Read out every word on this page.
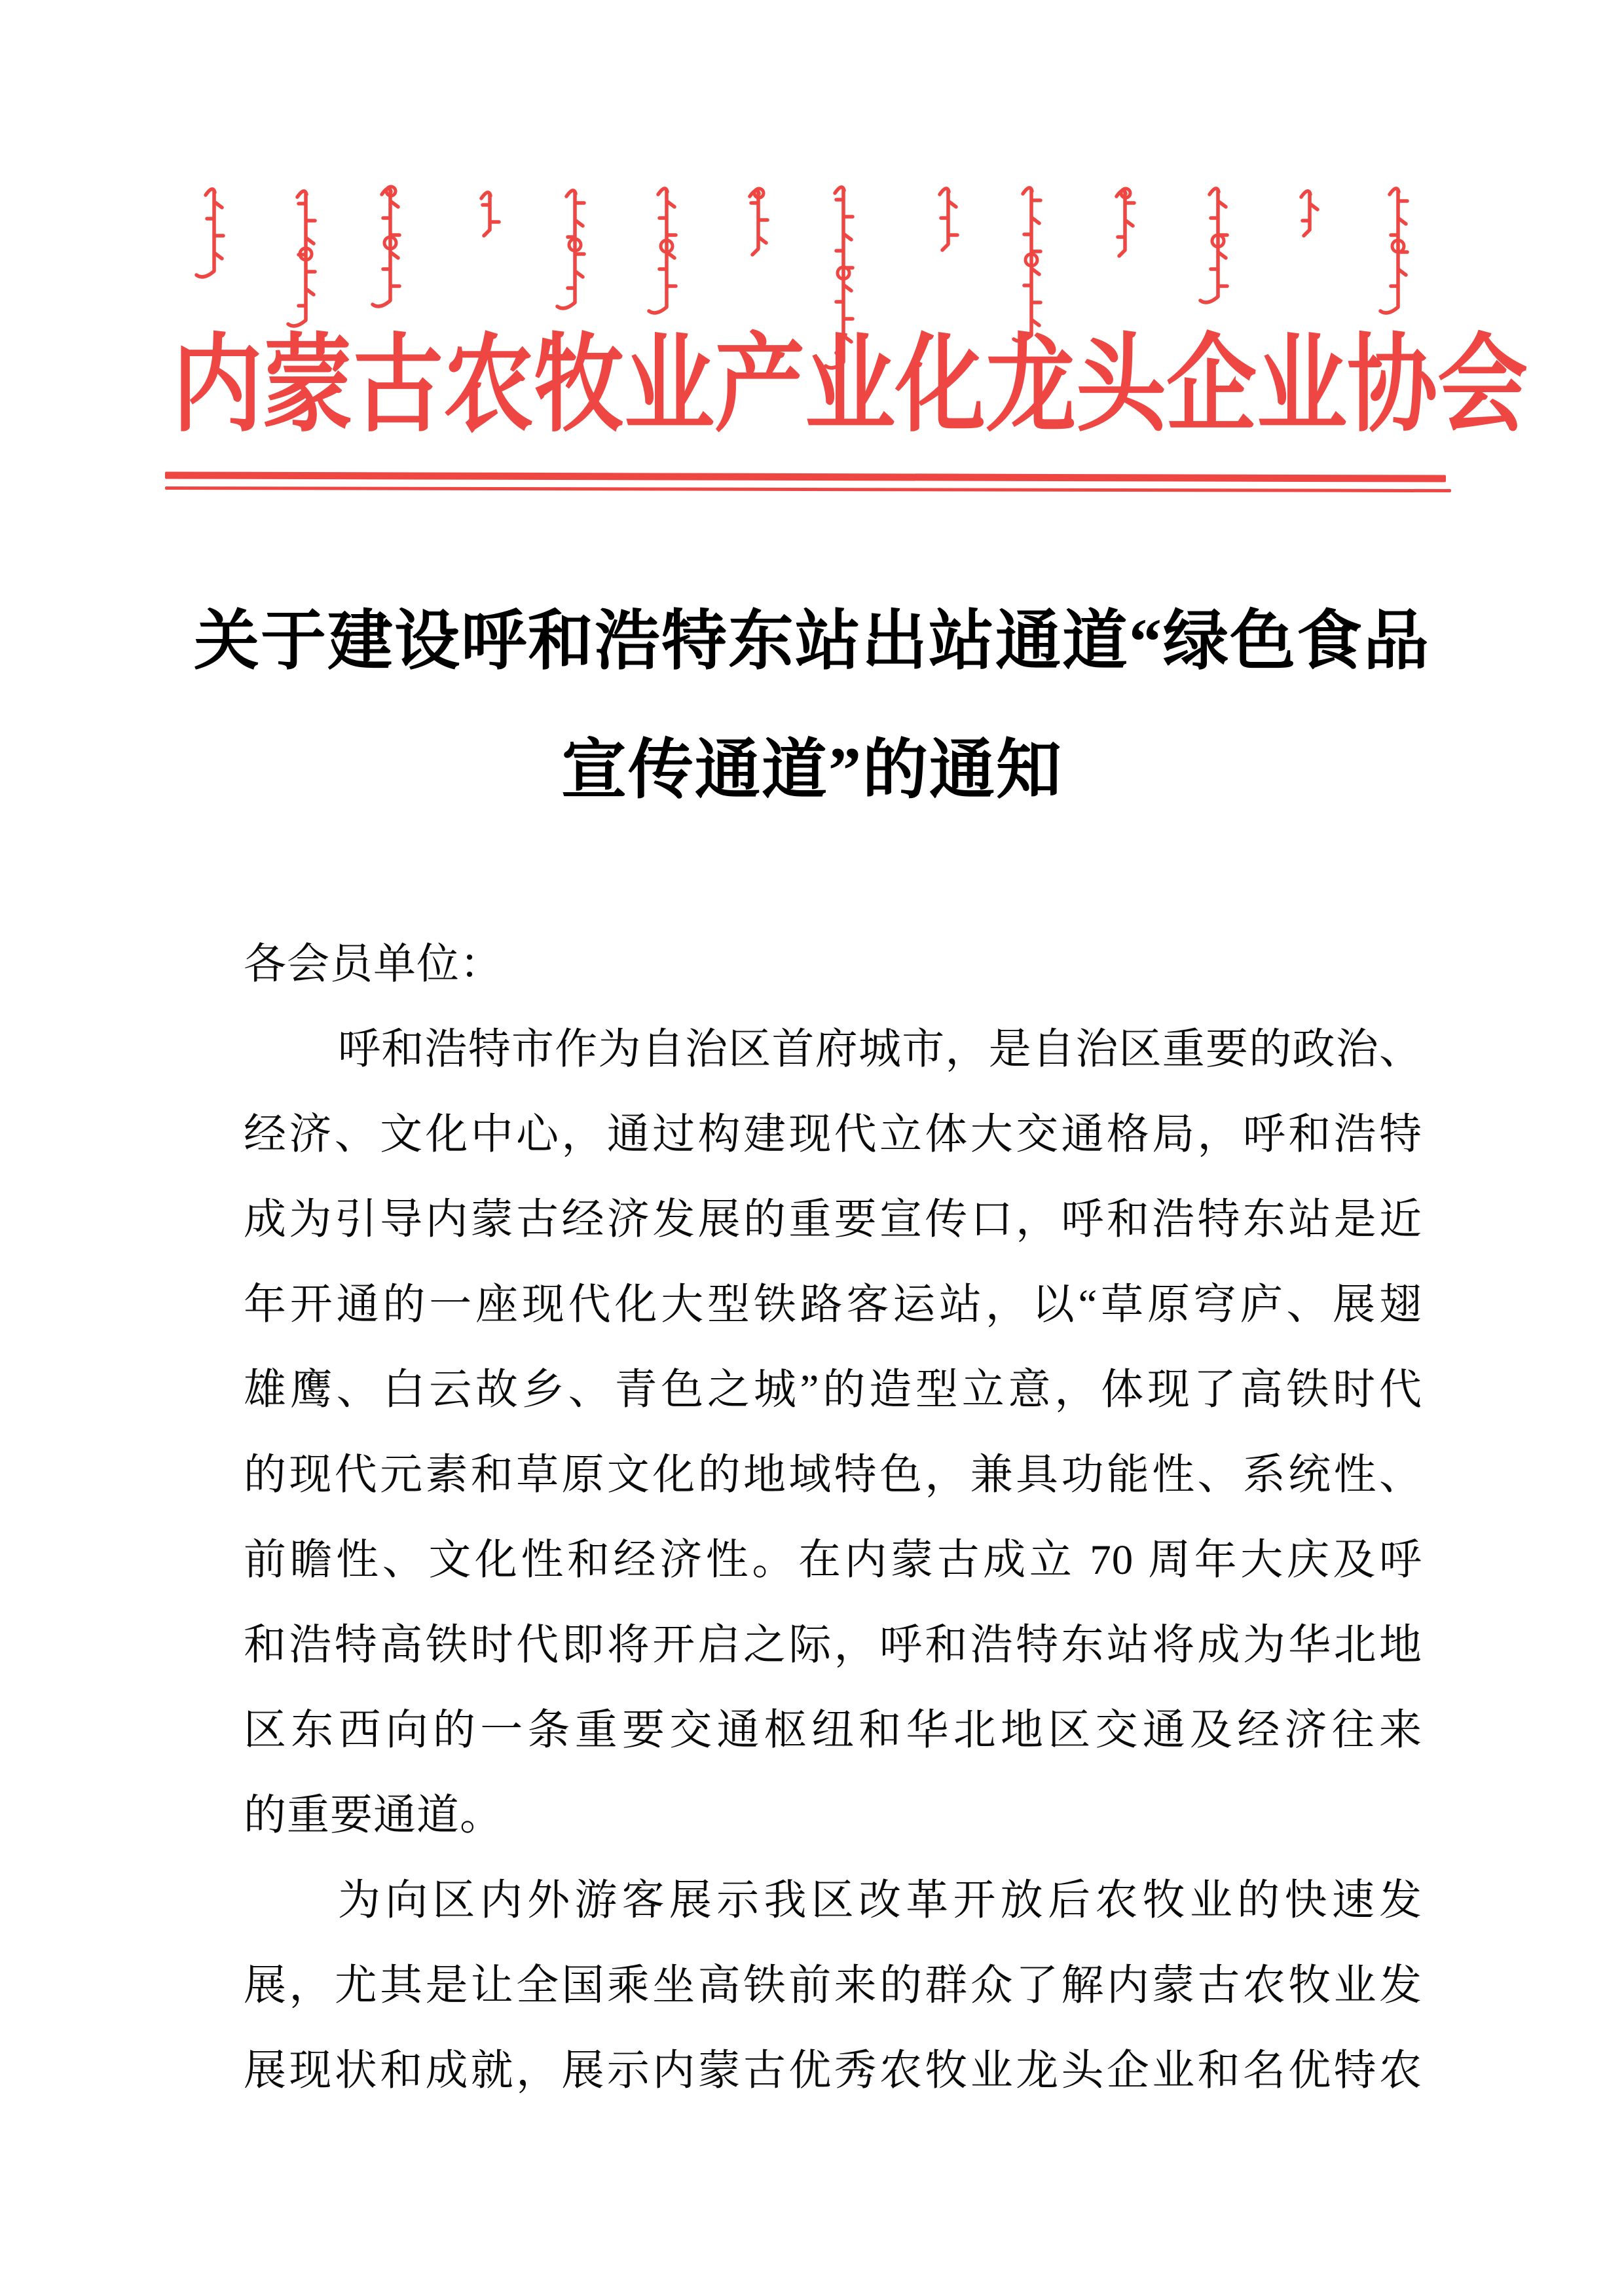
内蒙古农牧业产业化龙头企业协会
关于建设呼和浩特东站出站通道“绿色食品
宣传通道”的通知
各会员单位：
呼和浩特市作为自治区首府城市，是自治区重要的政治、
经济、文化中心，通过构建现代立体大交通格局，呼和浩特
成为引导内蒙古经济发展的重要宣传口，呼和浩特东站是近
年开通的一座现代化大型铁路客运站，以“草原穹庐、展翅
雄鹰、白云故乡、青色之城”的造型立意，体现了高铁时代
的现代元素和草原文化的地域特色，兼具功能性、系统性、
前瞻性、文化性和经济性。在内蒙古成立 70 周年大庆及呼
和浩特高铁时代即将开启之际，呼和浩特东站将成为华北地
区东西向的一条重要交通枢纽和华北地区交通及经济往来
的重要通道。
为向区内外游客展示我区改革开放后农牧业的快速发
展，尤其是让全国乘坐高铁前来的群众了解内蒙古农牧业发
展现状和成就，展示内蒙古优秀农牧业龙头企业和名优特农
